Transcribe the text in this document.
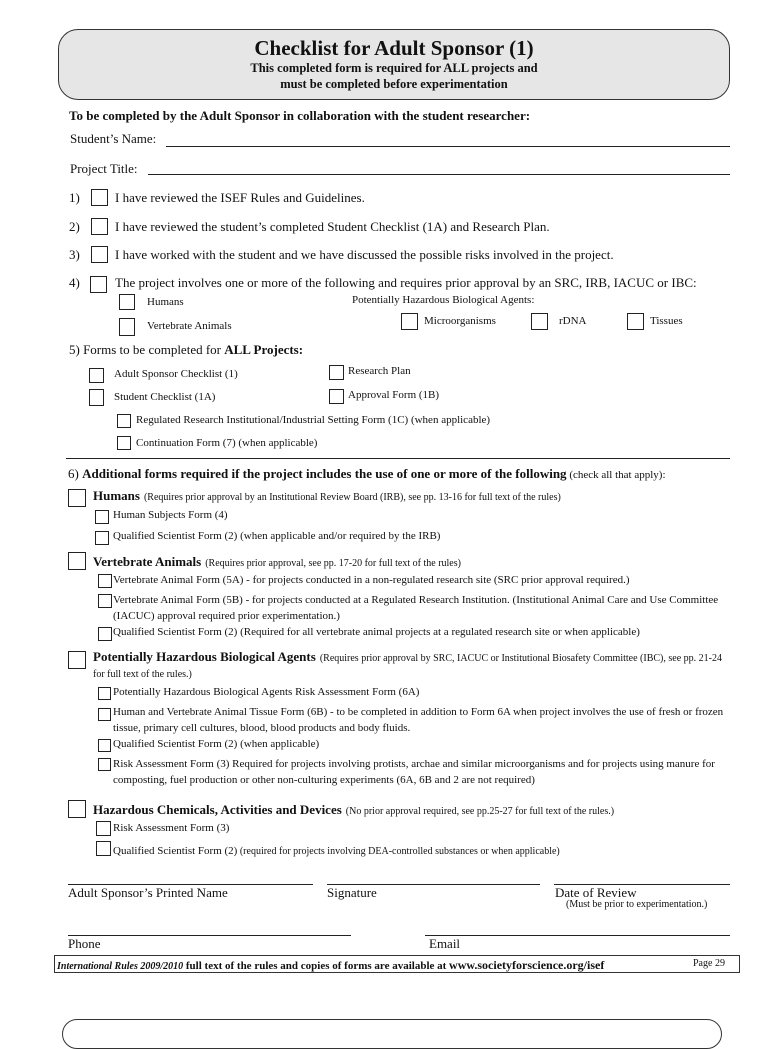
Checklist for Adult Sponsor (1)
This completed form is required for ALL projects and
must be completed before experimentation
To be completed by the Adult Sponsor in collaboration with the student researcher:
Student’s Name:
Project Title:
1)	I have reviewed the ISEF Rules and Guidelines.
2)	I have reviewed the student’s completed Student Checklist (1A) and Research Plan.
3)	I have worked with the student and we have discussed the possible risks involved in the project.
4)	The project involves one or more of the following and requires prior approval by an SRC, IRB, IACUC or IBC:
Humans
Vertebrate Animals
Potentially Hazardous Biological Agents:
Microorganisms	rDNA	Tissues
5) Forms to be completed for ALL Projects:
Adult Sponsor Checklist (1)	Research Plan
Student Checklist (1A)	Approval Form (1B)
Regulated Research Institutional/Industrial Setting Form (1C) (when applicable)
Continuation Form (7) (when applicable)
6) Additional forms required if the project includes the use of one or more of the following (check all that apply):
Humans (Requires prior approval by an Institutional Review Board (IRB), see pp. 13-16 for full text of the rules)
Human Subjects Form (4)
Qualified Scientist Form (2) (when applicable and/or required by the IRB)
Vertebrate Animals (Requires prior approval, see pp. 17-20 for full text of the rules)
Vertebrate Animal Form (5A) - for projects conducted in a non-regulated research site (SRC prior approval required.)
Vertebrate Animal Form (5B) - for projects conducted at a Regulated Research Institution. (Institutional Animal Care and Use Committee (IACUC) approval required prior experimentation.)
Qualified Scientist Form (2) (Required for all vertebrate animal projects at a regulated research site or when applicable)
Potentially Hazardous Biological Agents (Requires prior approval by SRC, IACUC or Institutional Biosafety Committee (IBC), see pp. 21-24 for full text of the rules.)
Potentially Hazardous Biological Agents Risk Assessment Form (6A)
Human and Vertebrate Animal Tissue Form (6B) - to be completed in addition to Form 6A when project involves the use of fresh or frozen tissue, primary cell cultures, blood, blood products and body fluids.
Qualified Scientist Form (2) (when applicable)
Risk Assessment Form (3) Required for projects involving protists, archae and similar microorganisms and for projects using manure for composting, fuel production or other non-culturing experiments (6A, 6B and 2 are not required)
Hazardous Chemicals, Activities and Devices (No prior approval required, see pp.25-27 for full text of the rules.)
Risk Assessment Form (3)
Qualified Scientist Form (2) (required for projects involving DEA-controlled substances or when applicable)
Adult Sponsor’s Printed Name	Signature	Date of Review
(Must be prior to experimentation.)
Phone	Email
International Rules 2009/2010 full text of the rules and copies of forms are available at www.societyforscience.org/isef	Page 29
